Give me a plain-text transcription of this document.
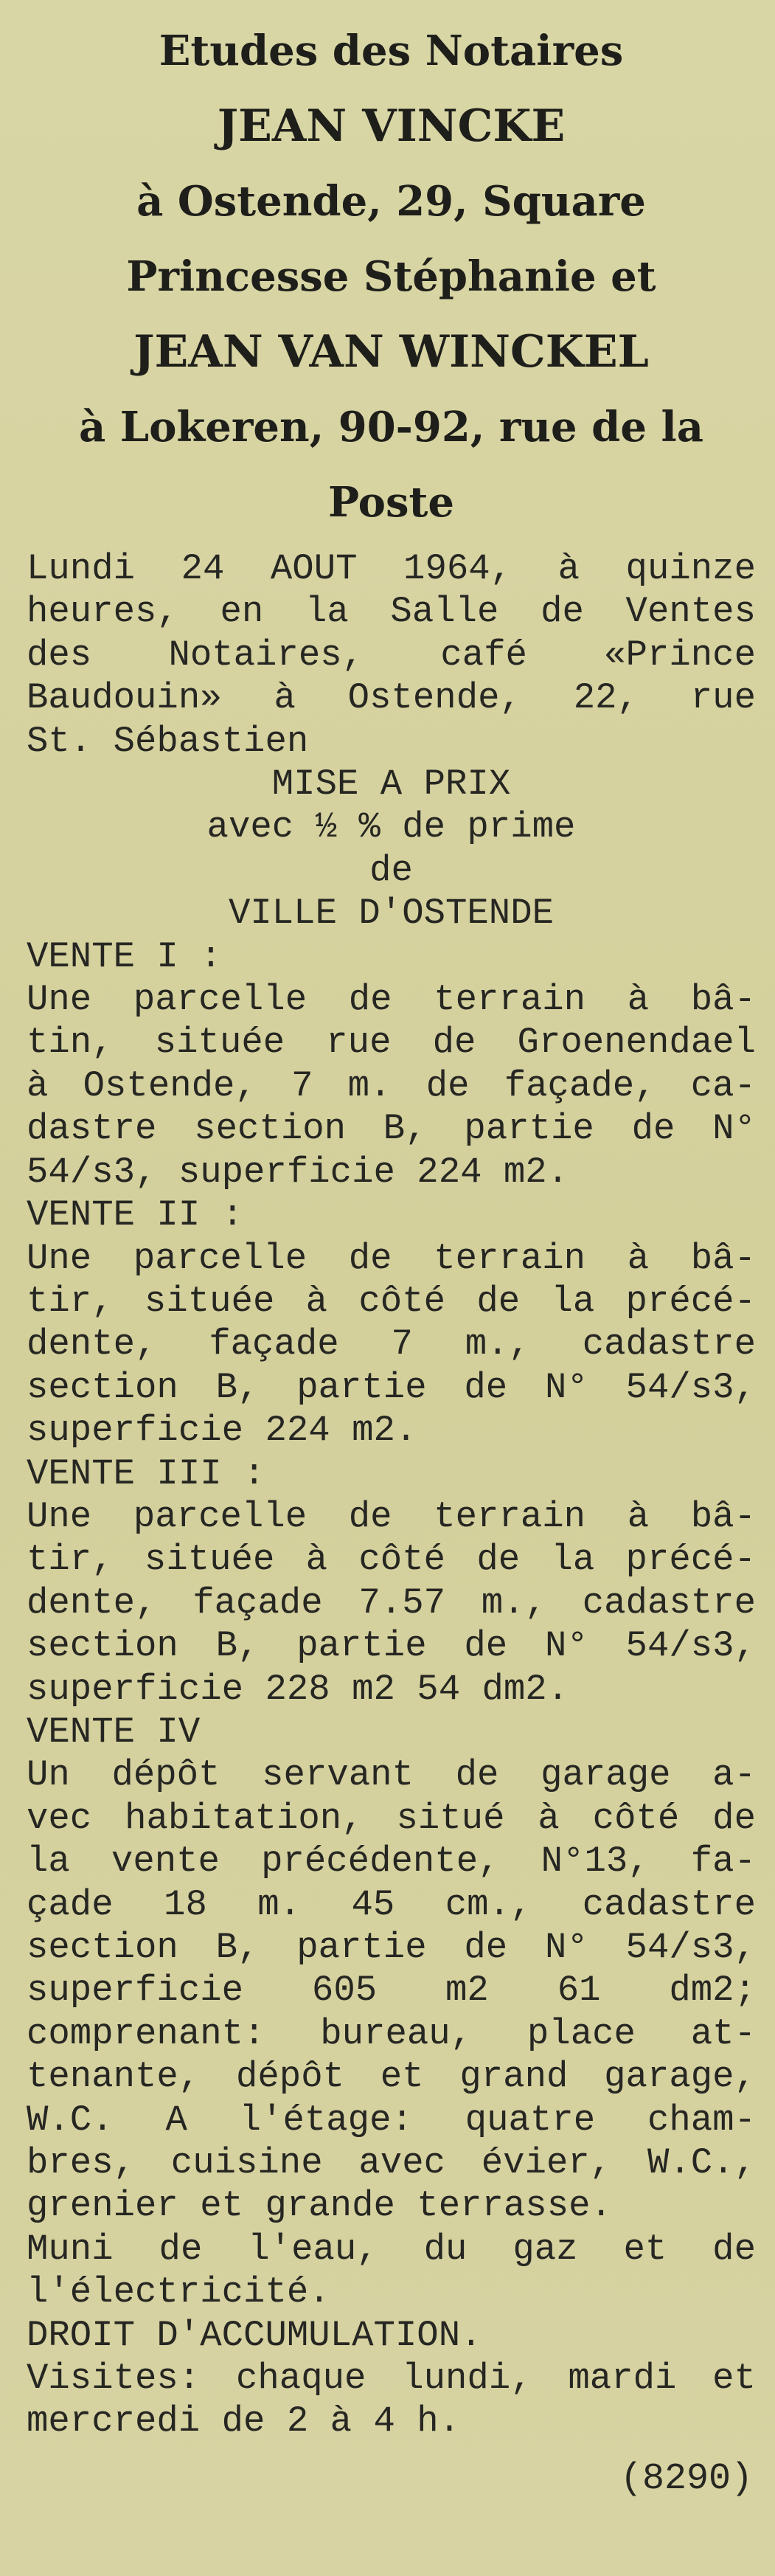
Etudes des Notaires

JEAN VINCKE

à Ostende, 29, Square

Princesse Stéphanie et

JEAN VAN WINCKEL

à Lokeren, 90-92, rue de la

Poste

Lundi 24 AOUT 1964, à quinze
heures, en la Salle de Ventes
des Notaires, café «Prince
Baudouin» à Ostende, 22, rue
St. Sébastien
MISE A PRIX
avec ½ % de prime
de
VILLE D'OSTENDE
VENTE I :
Une parcelle de terrain à bâ-
tin, située rue de Groenendael
à Ostende, 7 m. de façade, ca-
dastre section B, partie de N°
54/s3, superficie 224 m2.
VENTE II :
Une parcelle de terrain à bâ-
tir, située à côté de la précé-
dente, façade 7 m., cadastre
section B, partie de N° 54/s3,
superficie 224 m2.
VENTE III :
Une parcelle de terrain à bâ-
tir, située à côté de la précé-
dente, façade 7.57 m., cadastre
section B, partie de N° 54/s3,
superficie 228 m2 54 dm2.
VENTE IV
Un dépôt servant de garage a-
vec habitation, situé à côté de
la vente précédente, N°13, fa-
çade 18 m. 45 cm., cadastre
section B, partie de N° 54/s3,
superficie 605 m2 61 dm2;
comprenant: bureau, place at-
tenante, dépôt et grand garage,
W.C. A l'étage: quatre cham-
bres, cuisine avec évier, W.C.,
grenier et grande terrasse.
Muni de l'eau, du gaz et de
l'électricité.
DROIT D'ACCUMULATION.
Visites: chaque lundi, mardi et
mercredi de 2 à 4 h.
(8290)
